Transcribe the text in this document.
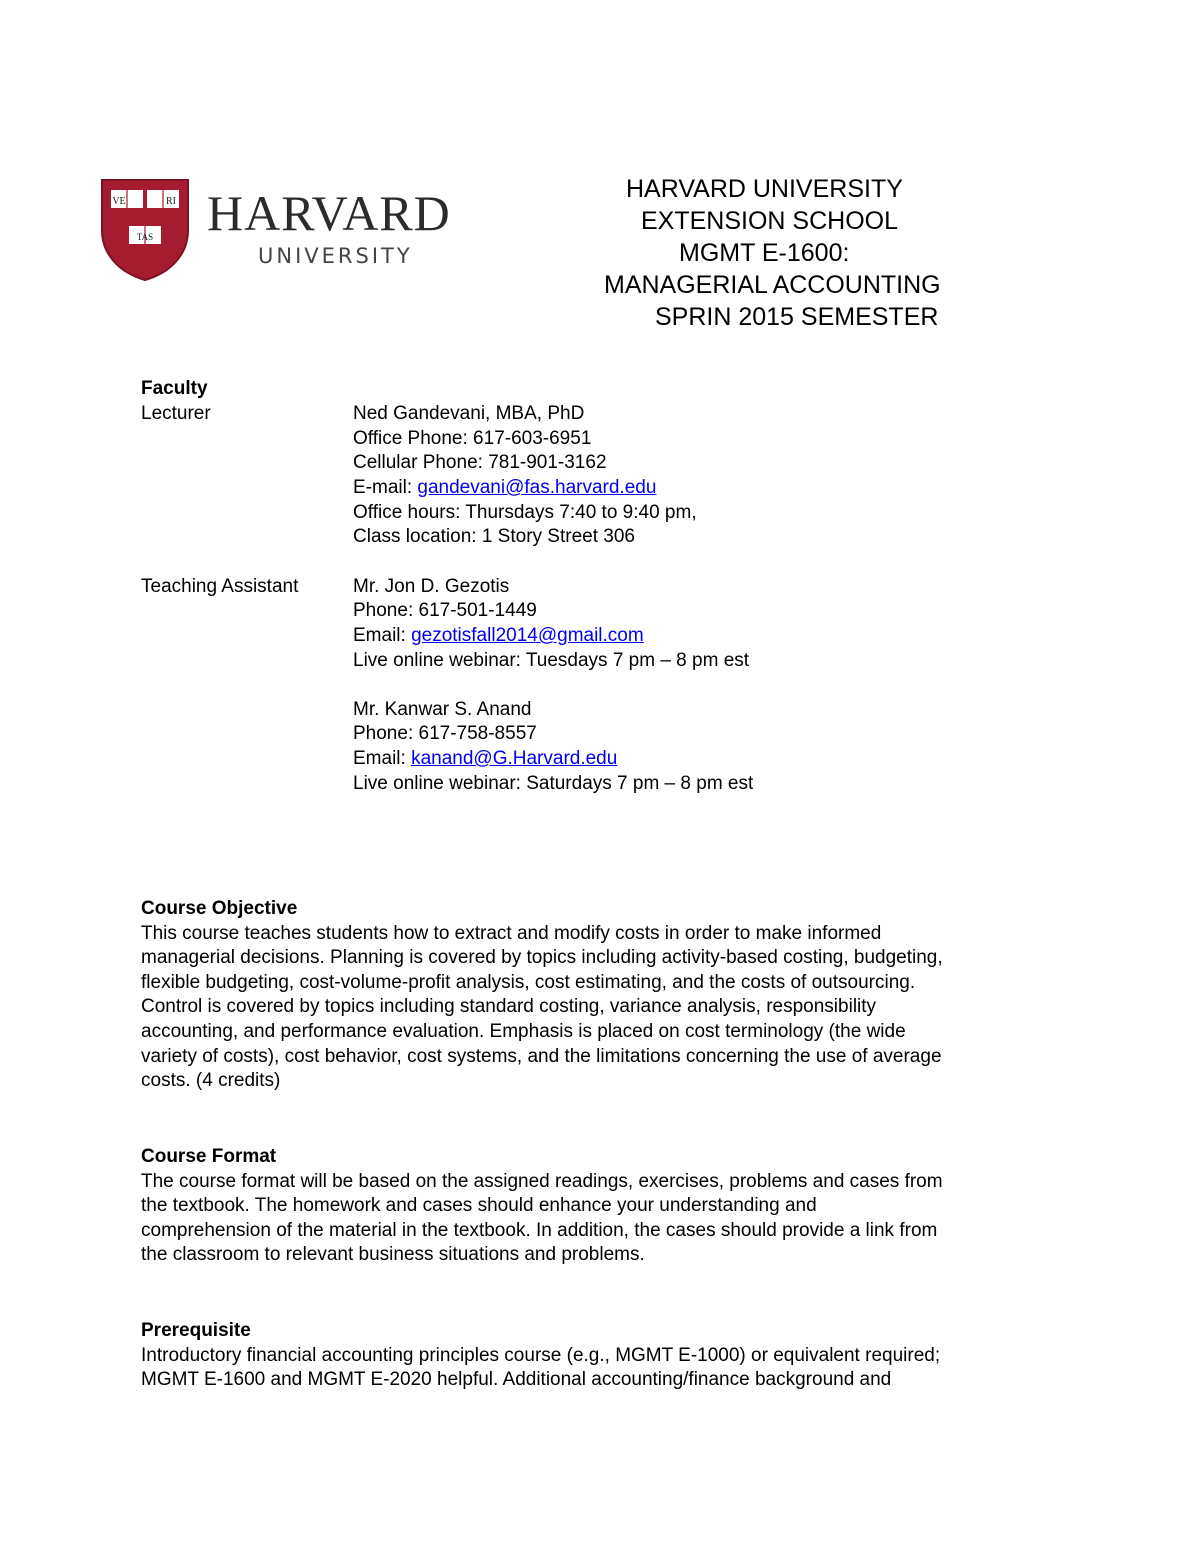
VE	RI
TAS HARVARD
UNIVERSITY
HARVARD UNIVERSITY
EXTENSION SCHOOL
MGMT E-1600:
MANAGERIAL ACCOUNTING
SPRIN 2015 SEMESTER
Faculty
Lecturer	Ned Gandevani, MBA, PhD
Office Phone: 617-603-6951
Cellular Phone: 781-901-3162
E-mail: gandevani@fas.harvard.edu
Office hours: Thursdays 7:40 to 9:40 pm,
Class location: 1 Story Street 306
Teaching Assistant	Mr. Jon D. Gezotis
Phone: 617-501-1449
Email: gezotisfall2014@gmail.com
Live online webinar: Tuesdays 7 pm – 8 pm est
Mr. Kanwar S. Anand
Phone: 617-758-8557
Email: kanand@G.Harvard.edu
Live online webinar: Saturdays 7 pm – 8 pm est
Course Objective
This course teaches students how to extract and modify costs in order to make informed
managerial decisions. Planning is covered by topics including activity-based costing, budgeting,
flexible budgeting, cost-volume-profit analysis, cost estimating, and the costs of outsourcing.
Control is covered by topics including standard costing, variance analysis, responsibility
accounting, and performance evaluation. Emphasis is placed on cost terminology (the wide
variety of costs), cost behavior, cost systems, and the limitations concerning the use of average
costs. (4 credits)
Course Format
The course format will be based on the assigned readings, exercises, problems and cases from
the textbook. The homework and cases should enhance your understanding and
comprehension of the material in the textbook. In addition, the cases should provide a link from
the classroom to relevant business situations and problems.
Prerequisite
Introductory financial accounting principles course (e.g., MGMT E-1000) or equivalent required;
MGMT E-1600 and MGMT E-2020 helpful. Additional accounting/finance background and
